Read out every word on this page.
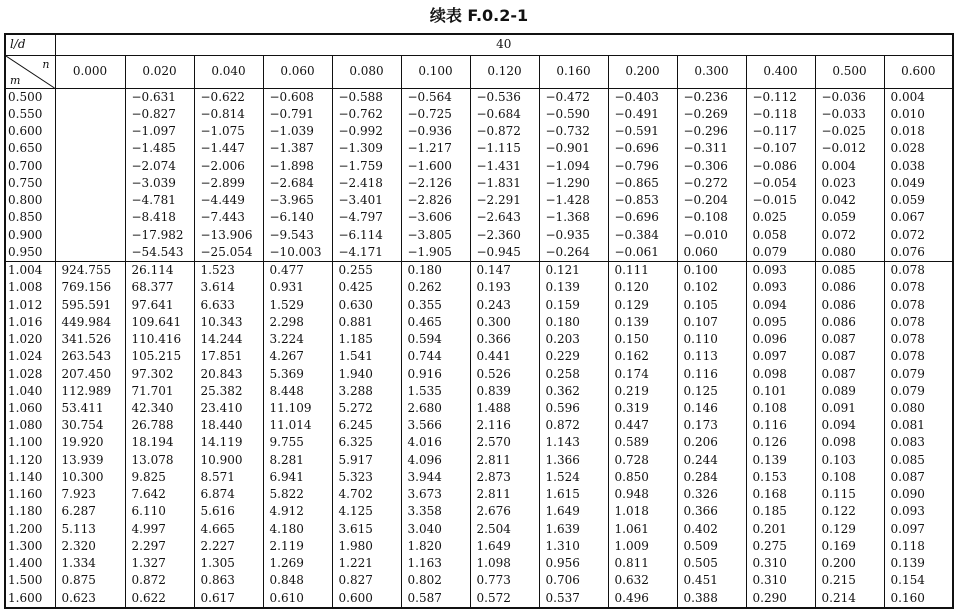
续表 F.0.2-1
l/d	40												

n
m	0.000	0.020	0.040	0.060	0.080	0.100	0.120	0.160	0.200	0.300	0.400	0.500	0.600
0.500		−0.631	−0.622	−0.608	−0.588	−0.564	−0.536	−0.472	−0.403	−0.236	−0.112	−0.036	0.004
0.550		−0.827	−0.814	−0.791	−0.762	−0.725	−0.684	−0.590	−0.491	−0.269	−0.118	−0.033	0.010
0.600		−1.097	−1.075	−1.039	−0.992	−0.936	−0.872	−0.732	−0.591	−0.296	−0.117	−0.025	0.018
0.650		−1.485	−1.447	−1.387	−1.309	−1.217	−1.115	−0.901	−0.696	−0.311	−0.107	−0.012	0.028
0.700		−2.074	−2.006	−1.898	−1.759	−1.600	−1.431	−1.094	−0.796	−0.306	−0.086	0.004	0.038
0.750		−3.039	−2.899	−2.684	−2.418	−2.126	−1.831	−1.290	−0.865	−0.272	−0.054	0.023	0.049
0.800		−4.781	−4.449	−3.965	−3.401	−2.826	−2.291	−1.428	−0.853	−0.204	−0.015	0.042	0.059
0.850		−8.418	−7.443	−6.140	−4.797	−3.606	−2.643	−1.368	−0.696	−0.108	0.025	0.059	0.067
0.900		−17.982	−13.906	−9.543	−6.114	−3.805	−2.360	−0.935	−0.384	−0.010	0.058	0.072	0.072
0.950		−54.543	−25.054	−10.003	−4.171	−1.905	−0.945	−0.264	−0.061	0.060	0.079	0.080	0.076
1.004	924.755	26.114	1.523	0.477	0.255	0.180	0.147	0.121	0.111	0.100	0.093	0.085	0.078
1.008	769.156	68.377	3.614	0.931	0.425	0.262	0.193	0.139	0.120	0.102	0.093	0.086	0.078
1.012	595.591	97.641	6.633	1.529	0.630	0.355	0.243	0.159	0.129	0.105	0.094	0.086	0.078
1.016	449.984	109.641	10.343	2.298	0.881	0.465	0.300	0.180	0.139	0.107	0.095	0.086	0.078
1.020	341.526	110.416	14.244	3.224	1.185	0.594	0.366	0.203	0.150	0.110	0.096	0.087	0.078
1.024	263.543	105.215	17.851	4.267	1.541	0.744	0.441	0.229	0.162	0.113	0.097	0.087	0.078
1.028	207.450	97.302	20.843	5.369	1.940	0.916	0.526	0.258	0.174	0.116	0.098	0.087	0.079
1.040	112.989	71.701	25.382	8.448	3.288	1.535	0.839	0.362	0.219	0.125	0.101	0.089	0.079
1.060	53.411	42.340	23.410	11.109	5.272	2.680	1.488	0.596	0.319	0.146	0.108	0.091	0.080
1.080	30.754	26.788	18.440	11.014	6.245	3.566	2.116	0.872	0.447	0.173	0.116	0.094	0.081
1.100	19.920	18.194	14.119	9.755	6.325	4.016	2.570	1.143	0.589	0.206	0.126	0.098	0.083
1.120	13.939	13.078	10.900	8.281	5.917	4.096	2.811	1.366	0.728	0.244	0.139	0.103	0.085
1.140	10.300	9.825	8.571	6.941	5.323	3.944	2.873	1.524	0.850	0.284	0.153	0.108	0.087
1.160	7.923	7.642	6.874	5.822	4.702	3.673	2.811	1.615	0.948	0.326	0.168	0.115	0.090
1.180	6.287	6.110	5.616	4.912	4.125	3.358	2.676	1.649	1.018	0.366	0.185	0.122	0.093
1.200	5.113	4.997	4.665	4.180	3.615	3.040	2.504	1.639	1.061	0.402	0.201	0.129	0.097
1.300	2.320	2.297	2.227	2.119	1.980	1.820	1.649	1.310	1.009	0.509	0.275	0.169	0.118
1.400	1.334	1.327	1.305	1.269	1.221	1.163	1.098	0.956	0.811	0.505	0.310	0.200	0.139
1.500	0.875	0.872	0.863	0.848	0.827	0.802	0.773	0.706	0.632	0.451	0.310	0.215	0.154
1.600	0.623	0.622	0.617	0.610	0.600	0.587	0.572	0.537	0.496	0.388	0.290	0.214	0.160
